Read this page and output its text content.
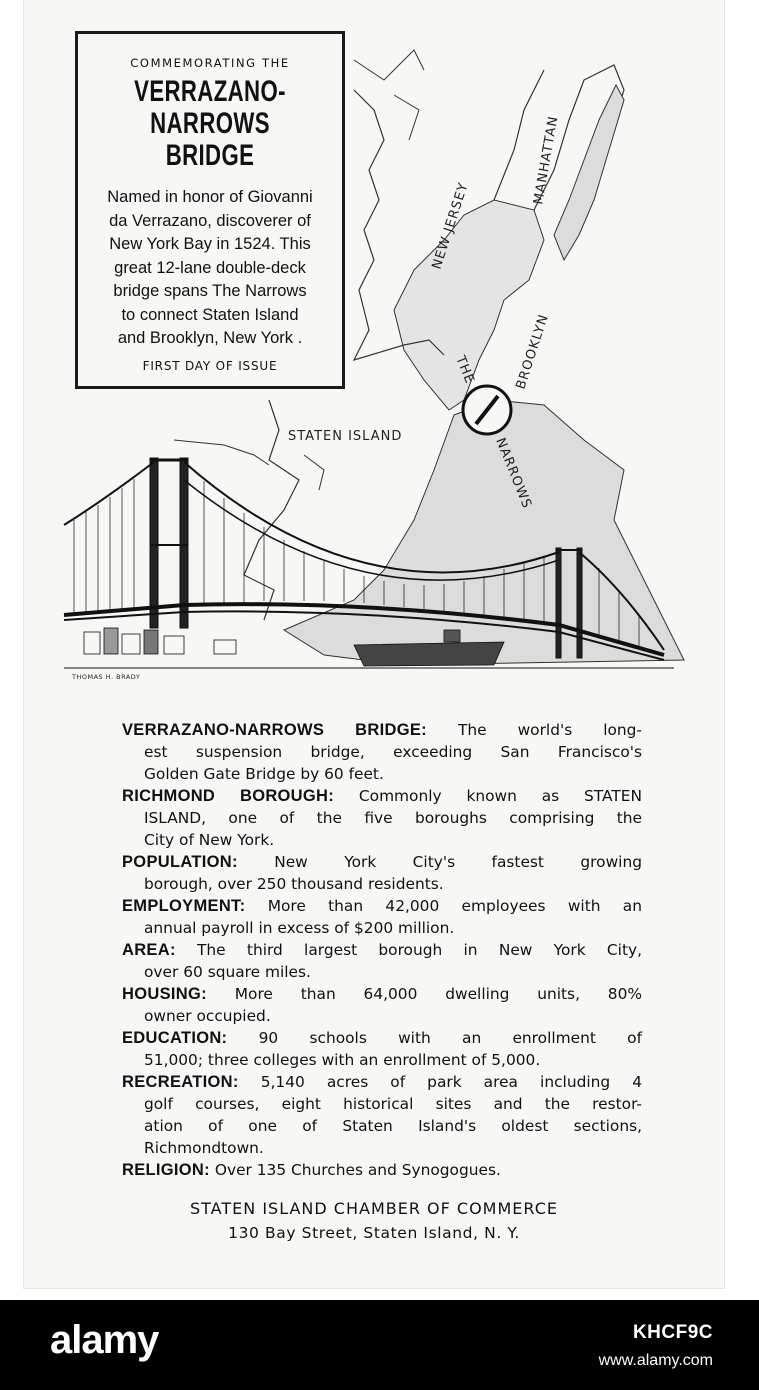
NEW JERSEY
MANHATTAN
BROOKLYN
STATEN ISLAND
THE
NARROWS
THOMAS H. BRADY
COMMEMORATING THE
VERRAZANO-NARROWS
BRIDGE
Named in honor of Giovanni
da Verrazano, discoverer of
New York Bay in 1524. This
great 12-lane double-deck
bridge spans The Narrows
to connect Staten Island
and Brooklyn, New York .
FIRST DAY OF ISSUE
VERRAZANO-NARROWS BRIDGE: The world's long-
est suspension bridge, exceeding San Francisco's
Golden Gate Bridge by 60 feet.
RICHMOND BOROUGH: Commonly known as STATEN
ISLAND, one of the five boroughs comprising the
City of New York.
POPULATION: New York City's fastest growing
borough, over 250 thousand residents.
EMPLOYMENT: More than 42,000 employees with an
annual payroll in excess of $200 million.
AREA: The third largest borough in New York City,
over 60 square miles.
HOUSING: More than 64,000 dwelling units, 80%
owner occupied.
EDUCATION: 90 schools with an enrollment of
51,000; three colleges with an enrollment of 5,000.
RECREATION: 5,140 acres of park area including 4
golf courses, eight historical sites and the restor-
ation of one of Staten Island's oldest sections,
Richmondtown.
RELIGION: Over 135 Churches and Synogogues.
STATEN ISLAND CHAMBER OF COMMERCE
130 Bay Street, Staten Island, N. Y.
alamy	KHCF9C
www.alamy.com
